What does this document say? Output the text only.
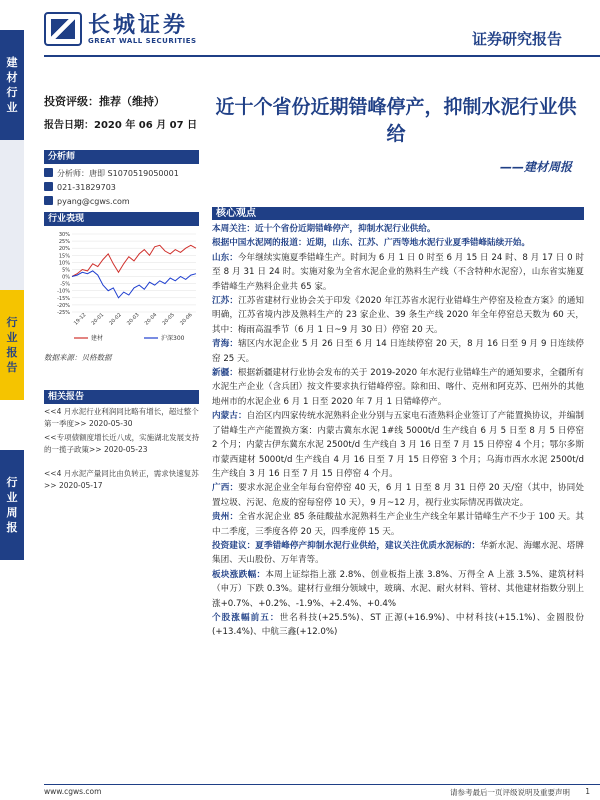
长城证券
GREAT WALL SECURITIES	证券研究报告
建
材
行
业
行
业
报
告
行
业
周
报
投资评级：推荐（维持）
报告日期：2020 年 06 月 07 日
分析师
分析师：唐即 S1070519050001
021-31829703
pyang@cgws.com
行业表现
30%
25%
20%
15%
10%
5%
0%
-5%
-10%
-15%
-20%
-25% 19-12 20-01 20-02 20-03 20-04 20-05 20-06
建材	沪深300
数据来源：贝格数据
相关报告
<<4 月水泥行业利润同比略有增长，超过整个第一季度>> 2020-05-30
<<专项债额度增长近八成，实施湖北发展支持的一揽子政策>> 2020-05-23
<<4 月水泥产量同比由负转正，需求快速复苏>> 2020-05-17
近十个省份近期错峰停产，抑制水泥行业供给
——建材周报
核心观点

本周关注：近十个省份近期错峰停产，抑制水泥行业供给。

根据中国水泥网的报道：近期，山东、江苏、广西等地水泥行业夏季错峰陆续开始。

山东：今年继续实施夏季错峰生产。时间为 6 月 1 日 0 时至 6 月 15 日 24 时、8 月 17 日 0 时至 8 月 31 日 24 时。实施对象为全省水泥企业的熟料生产线（不含特种水泥窑），山东省实施夏季错峰生产熟料企业共 65 家。

江苏：江苏省建材行业协会关于印发《2020 年江苏省水泥行业错峰生产停窑及检查方案》的通知明确，江苏省境内涉及熟料生产的 23 家企业、39 条生产线 2020 年全年停窑总天数为 60 天，其中：梅雨高温季节（6 月 1 日~9 月 30 日）停窑 20 天。

青海：辖区内水泥企业 5 月 26 日至 6 月 14 日连续停窑 20 天，8 月 16 日至 9 月 9 日连续停窑 25 天。

新疆：根据新疆建材行业协会发布的关于 2019-2020 年水泥行业错峰生产的通知要求，全疆所有水泥生产企业（含兵团）按文件要求执行错峰停窑。除和田、喀什、克州和阿克苏、巴州外的其他地州市的水泥企业 6 月 1 日至 2020 年 7 月 1 日错峰停产。

内蒙古：自治区内四家传统水泥熟料企业分别与五家电石渣熟料企业签订了产能置换协议，并编制了错峰生产产能置换方案：内蒙古冀东水泥 1#线 5000t/d 生产线自 6 月 5 日至 8 月 5 日停窑 2 个月；内蒙古伊东冀东水泥 2500t/d 生产线自 3 月 16 日至 7 月 15 日停窑 4 个月；鄂尔多斯市蒙西建材 5000t/d 生产线自 4 月 16 日至 7 月 15 日停窑 3 个月；乌海市西水水泥 2500t/d 生产线自 3 月 16 日至 7 月 15 日停窑 4 个月。

广西：要求水泥企业全年每台窑停窑 40 天，6 月 1 日至 8 月 31 日停 20 天/窑（其中，协同处置垃圾、污泥、危废的窑每窑停 10 天），9 月~12 月，视行业实际情况再做决定。

贵州：全省水泥企业 85 条硅酸盐水泥熟料生产企业生产线全年累计错峰生产不少于 100 天。其中二季度，三季度各停 20 天，四季度停 15 天。

投资建议：夏季错峰停产抑制水泥行业供给，建议关注优质水泥标的：华新水泥、海螺水泥、塔牌集团、天山股份、万年青等。

板块涨跌幅：本周上证综指上涨 2.8%、创业板指上涨 3.8%、万得全 A 上涨 3.5%、建筑材料（申万）下跌 0.3%。建材行业细分领域中，玻璃、水泥、耐火材料、管材、其他建材指数分别上涨+0.7%、+0.2%、-1.9%、+2.4%、+0.4%

个股涨幅前五：世名科技(+25.5%)、ST 正源(+16.9%)、中材科技(+15.1%)、金圆股份(+13.4%)、中航三鑫(+12.0%)

www.cgws.com	请参考最后一页评级说明及重要声明 1
